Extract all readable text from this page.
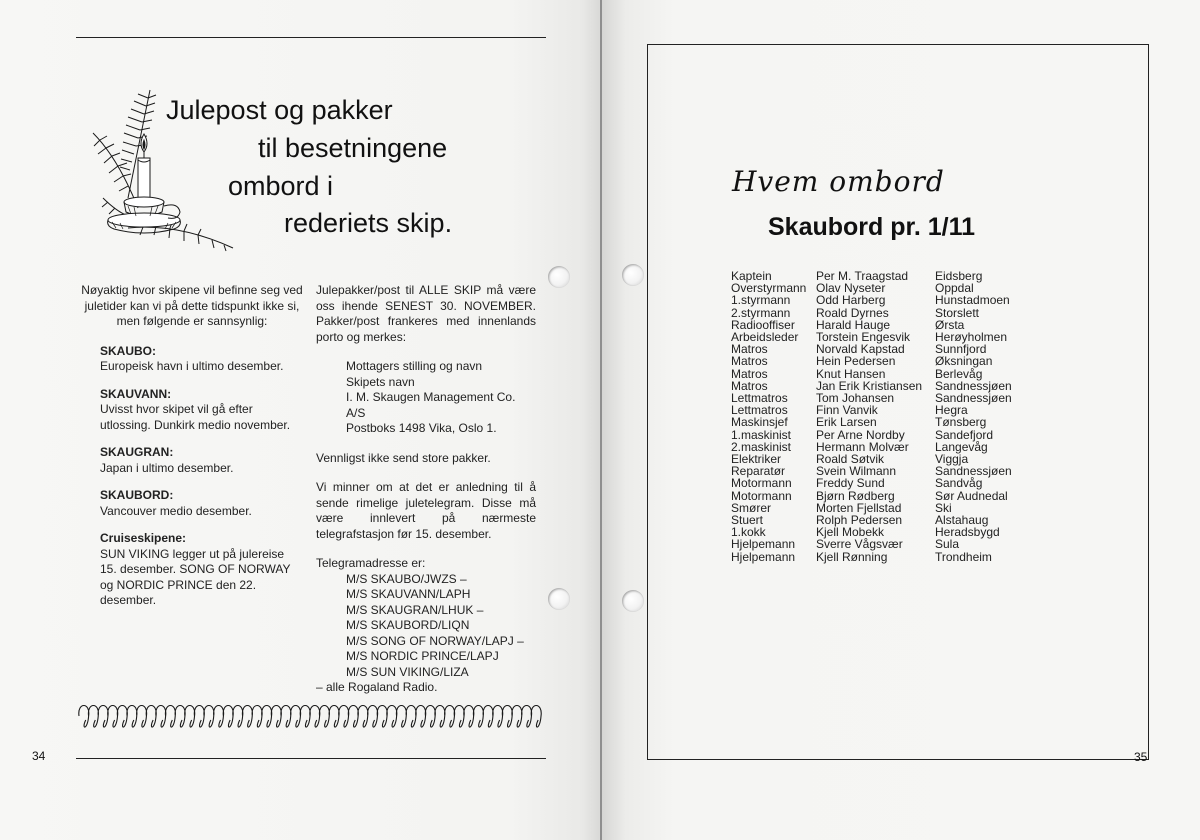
Julepost og pakker
til besetningene
ombord i
rederiets skip.

Nøyaktig hvor skipene vil befinne seg ved juletider kan vi på dette tidspunkt ikke si, men følgende er sannsynlig:

SKAUBO:
Europeisk havn i ultimo desember.
SKAUVANN:
Uvisst hvor skipet vil gå efter utlossing. Dunkirk medio november.
SKAUGRAN:
Japan i ultimo desember.
SKAUBORD:
Vancouver medio desember.
Cruiseskipene:
SUN VIKING legger ut på julereise 15. desember. SONG OF NORWAY og NORDIC PRINCE den 22. desember.

Julepakker/post til ALLE SKIP må være oss ihende SENEST 30. NOVEMBER. Pakker/post frankeres med innenlands porto og merkes:

Mottagers stilling og navn
Skipets navn
I. M. Skaugen Management Co. A/S
Postboks 1498 Vika, Oslo 1.

Vennligst ikke send store pakker.

Vi minner om at det er anledning til å sende rimelige juletelegram. Disse må være innlevert på nærmeste telegrafstasjon før 15. desember.

Telegramadresse er:
M/S SKAUBO/JWZS –
M/S SKAUVANN/LAPH
M/S SKAUGRAN/LHUK –
M/S SKAUBORD/LIQN
M/S SONG OF NORWAY/LAPJ –
M/S NORDIC PRINCE/LAPJ
M/S SUN VIKING/LIZA
– alle Rogaland Radio.
34
Hvem ombord
Skaubord pr. 1/11
Kaptein
Overstyrmann
1.styrmann
2.styrmann
Radiooffiser
Arbeidsleder
Matros
Matros
Matros
Matros
Lettmatros
Lettmatros
Maskinsjef
1.maskinist
2.maskinist
Elektriker
Reparatør
Motormann
Motormann
Smører
Stuert
1.kokk
Hjelpemann
Hjelpemann
Per M. Traagstad
Olav Nyseter
Odd Harberg
Roald Dyrnes
Harald Hauge
Torstein Engesvik
Norvald Kapstad
Hein Pedersen
Knut Hansen
Jan Erik Kristiansen
Tom Johansen
Finn Vanvik
Erik Larsen
Per Arne Nordby
Hermann Molvær
Roald Søtvik
Svein Wilmann
Freddy Sund
Bjørn Rødberg
Morten Fjellstad
Rolph Pedersen
Kjell Mobekk
Sverre Vågsvær
Kjell Rønning
Eidsberg
Oppdal
Hunstadmoen
Storslett
Ørsta
Herøyholmen
Sunnfjord
Øksningan
Berlevåg
Sandnessjøen
Sandnessjøen
Hegra
Tønsberg
Sandefjord
Langevåg
Viggja
Sandnessjøen
Sandvåg
Sør Audnedal
Ski
Alstahaug
Heradsbygd
Sula
Trondheim
35
